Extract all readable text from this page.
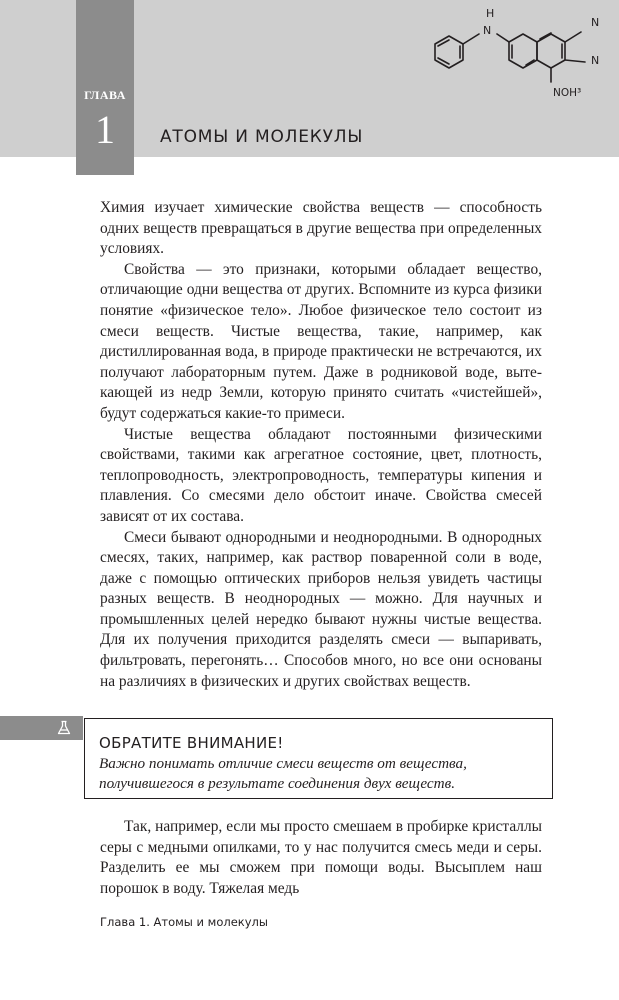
ГЛАВА
1	АТОМЫ И МОЛЕКУЛЫ
H
N
N
N
NOH³

Химия изучает химические свойства веществ — способность одних веществ превращаться в другие вещества при определенных условиях.

Свойства — это признаки, которыми обладает вещество, отличающие одни вещества от других. Вспомните из курса физики понятие «физическое тело». Любое физическое тело состоит из смеси веществ. Чистые вещества, такие, например, как дистиллированная вода, в природе практически не встречаются, их получают лабораторным путем. Даже в родниковой воде, вытекающей из недр Земли, которую принято считать «чистейшей», будут содержаться какие-то примеси.

Чистые вещества обладают постоянными физическими свойствами, такими как агрегатное состояние, цвет, плотность, теплопроводность, электропроводность, температуры кипения и плавления. Со смесями дело обстоит иначе. Свойства смесей зависят от их состава.

Смеси бывают однородными и неоднородными. В однородных смесях, таких, например, как раствор поваренной соли в воде, даже с помощью оптических приборов нельзя увидеть частицы разных веществ. В неоднородных — можно. Для научных и промышленных целей нередко бывают нужны чистые вещества. Для их получения приходится разделять смеси — выпаривать, фильтровать, перегонять… Способов много, но все они основаны на различиях в физических и других свойствах веществ.

ОБРАТИТЕ ВНИМАНИЕ!
Важно понимать отличие смеси веществ от вещества, получившегося в результате соединения двух веществ.

Так, например, если мы просто смешаем в пробирке кристаллы серы с медными опилками, то у нас получится смесь меди и серы. Разделить ее мы сможем при помощи воды. Высыплем наш порошок в воду. Тяжелая медь

Глава 1. Атомы и молекулы
